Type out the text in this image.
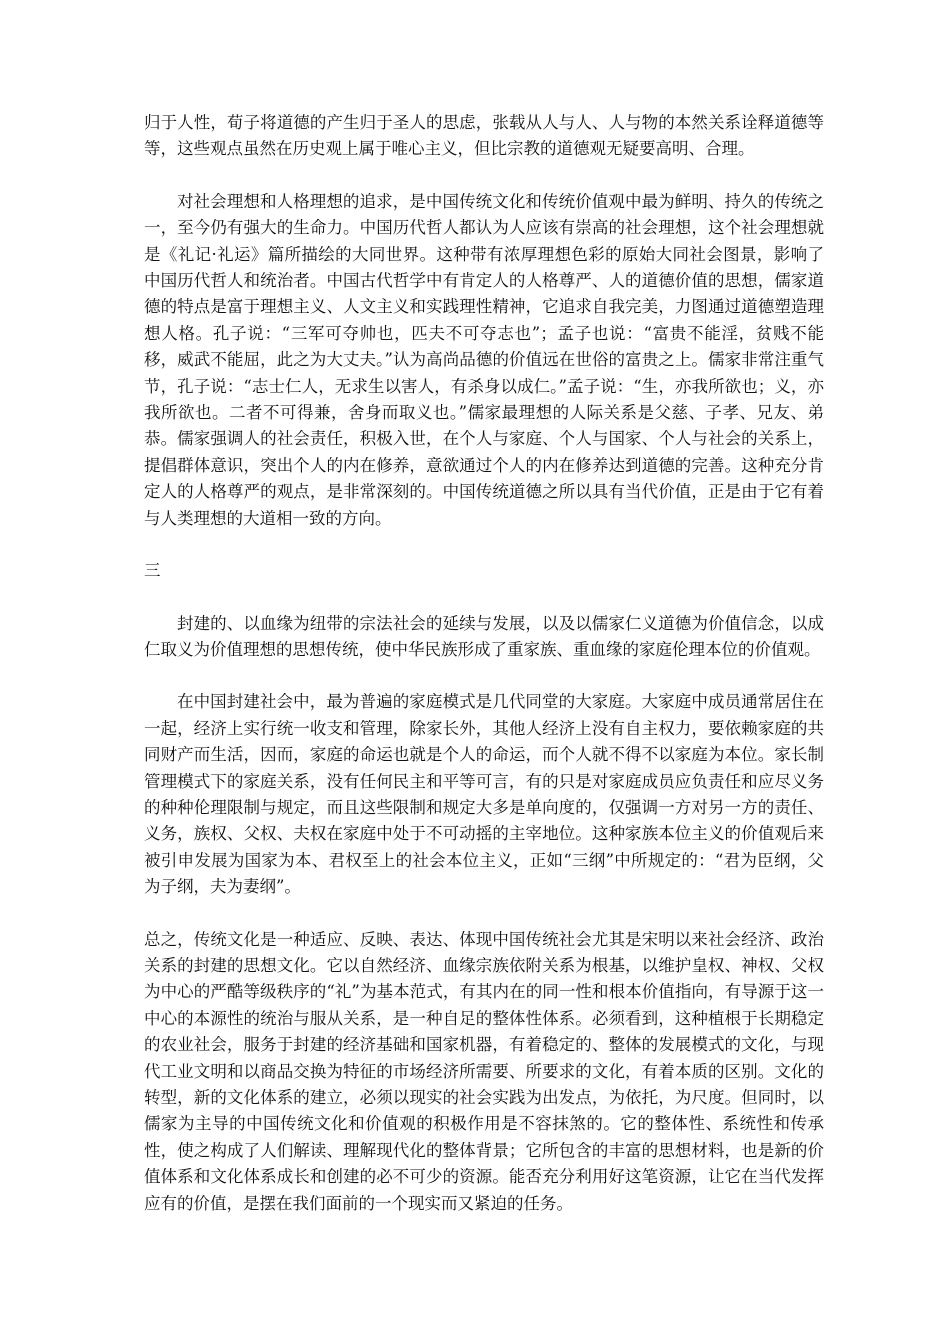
归于人性，荀子将道德的产生归于圣人的思虑，张载从人与人、人与物的本然关系诠释道德等等，这些观点虽然在历史观上属于唯心主义，但比宗教的道德观无疑要高明、合理。

对社会理想和人格理想的追求，是中国传统文化和传统价值观中最为鲜明、持久的传统之一，至今仍有强大的生命力。中国历代哲人都认为人应该有崇高的社会理想，这个社会理想就是《礼记·礼运》篇所描绘的大同世界。这种带有浓厚理想色彩的原始大同社会图景，影响了中国历代哲人和统治者。中国古代哲学中有肯定人的人格尊严、人的道德价值的思想，儒家道德的特点是富于理想主义、人文主义和实践理性精神，它追求自我完美，力图通过道德塑造理想人格。孔子说：“三军可夺帅也，匹夫不可夺志也”；孟子也说：“富贵不能淫，贫贱不能移，威武不能屈，此之为大丈夫。”认为高尚品德的价值远在世俗的富贵之上。儒家非常注重气节，孔子说：“志士仁人，无求生以害人，有杀身以成仁。”孟子说：“生，亦我所欲也；义，亦我所欲也。二者不可得兼，舍身而取义也。”儒家最理想的人际关系是父慈、子孝、兄友、弟恭。儒家强调人的社会责任，积极入世，在个人与家庭、个人与国家、个人与社会的关系上，提倡群体意识，突出个人的内在修养，意欲通过个人的内在修养达到道德的完善。这种充分肯定人的人格尊严的观点，是非常深刻的。中国传统道德之所以具有当代价值，正是由于它有着与人类理想的大道相一致的方向。

三

封建的、以血缘为纽带的宗法社会的延续与发展，以及以儒家仁义道德为价值信念，以成仁取义为价值理想的思想传统，使中华民族形成了重家族、重血缘的家庭伦理本位的价值观。

在中国封建社会中，最为普遍的家庭模式是几代同堂的大家庭。大家庭中成员通常居住在一起，经济上实行统一收支和管理，除家长外，其他人经济上没有自主权力，要依赖家庭的共同财产而生活，因而，家庭的命运也就是个人的命运，而个人就不得不以家庭为本位。家长制管理模式下的家庭关系，没有任何民主和平等可言，有的只是对家庭成员应负责任和应尽义务的种种伦理限制与规定，而且这些限制和规定大多是单向度的，仅强调一方对另一方的责任、义务，族权、父权、夫权在家庭中处于不可动摇的主宰地位。这种家族本位主义的价值观后来被引申发展为国家为本、君权至上的社会本位主义，正如“三纲”中所规定的：“君为臣纲，父为子纲，夫为妻纲”。

总之，传统文化是一种适应、反映、表达、体现中国传统社会尤其是宋明以来社会经济、政治关系的封建的思想文化。它以自然经济、血缘宗族依附关系为根基，以维护皇权、神权、父权为中心的严酷等级秩序的“礼”为基本范式，有其内在的同一性和根本价值指向，有导源于这一中心的本源性的统治与服从关系，是一种自足的整体性体系。必须看到，这种植根于长期稳定的农业社会，服务于封建的经济基础和国家机器，有着稳定的、整体的发展模式的文化，与现代工业文明和以商品交换为特征的市场经济所需要、所要求的文化，有着本质的区别。文化的转型，新的文化体系的建立，必须以现实的社会实践为出发点，为依托，为尺度。但同时，以儒家为主导的中国传统文化和价值观的积极作用是不容抹煞的。它的整体性、系统性和传承性，使之构成了人们解读、理解现代化的整体背景；它所包含的丰富的思想材料，也是新的价值体系和文化体系成长和创建的必不可少的资源。能否充分利用好这笔资源，让它在当代发挥应有的价值，是摆在我们面前的一个现实而又紧迫的任务。
